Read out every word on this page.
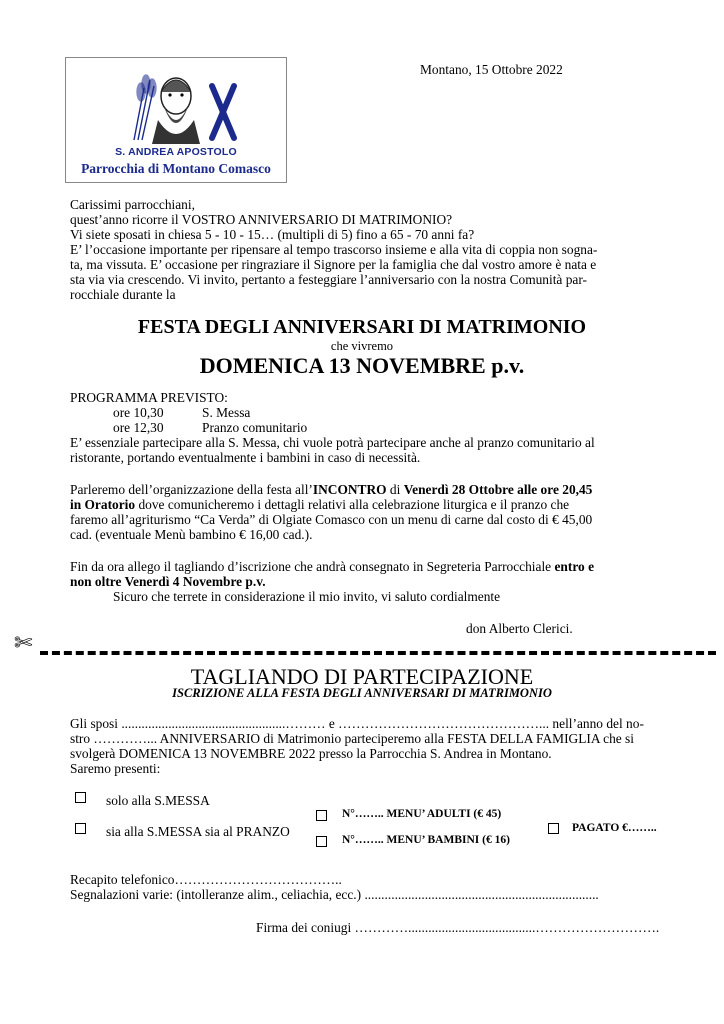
S. ANDREA APOSTOLO
Parrocchia di Montano Comasco
Montano, 15 Ottobre 2022
Carissimi parrocchiani,
quest’anno ricorre il VOSTRO ANNIVERSARIO DI MATRIMONIO?
Vi siete sposati in chiesa 5 - 10 - 15… (multipli di 5) fino a 65 - 70 anni fa?
E’ l’occasione importante per ripensare al tempo trascorso insieme e alla vita di coppia non sogna-
ta, ma vissuta. E’ occasione per ringraziare il Signore per la famiglia che dal vostro amore è nata e
sta via via crescendo. Vi invito, pertanto a festeggiare l’anniversario con la nostra Comunità par-
rocchiale durante la
FESTA DEGLI ANNIVERSARI DI MATRIMONIO
che vivremo
DOMENICA 13 NOVEMBRE p.v.
PROGRAMMA PREVISTO:
ore 10,30	S. Messa
ore 12,30	Pranzo comunitario
E’ essenziale partecipare alla S. Messa, chi vuole potrà partecipare anche al pranzo comunitario al
ristorante, portando eventualmente i bambini in caso di necessità.
Parleremo dell’organizzazione della festa all’INCONTRO di Venerdì 28 Ottobre alle ore 20,45
in Oratorio dove comunicheremo i dettagli relativi alla celebrazione liturgica e il pranzo che
faremo all’agriturismo “Ca Verda” di Olgiate Comasco con un menu di carne dal costo di € 45,00
cad. (eventuale Menù bambino € 16,00 cad.).
Fin da ora allego il tagliando d’iscrizione che andrà consegnato in Segreteria Parrocchiale entro e
non oltre Venerdì 4 Novembre p.v.
Sicuro che terrete in considerazione il mio invito, vi saluto cordialmente
don Alberto Clerici.
✄
TAGLIANDO DI PARTECIPAZIONE
ISCRIZIONE ALLA FESTA DEGLI ANNIVERSARI DI MATRIMONIO
Gli sposi .................................................……… e ………………………………………... nell’anno del no-
stro …………... ANNIVERSARIO di Matrimonio parteciperemo alla FESTA DELLA FAMIGLIA che si
svolgerà DOMENICA 13 NOVEMBRE 2022 presso la Parrocchia S. Andrea in Montano.
Saremo presenti:
solo alla S.MESSA
sia alla S.MESSA sia al PRANZO
N°…….. MENU’ ADULTI (€ 45)
N°…….. MENU’ BAMBINI (€ 16)
PAGATO €……..
Recapito telefonico………………………………..
Segnalazioni varie: (intolleranze alim., celiachia, ecc.) ......................................................................
Firma dei coniugi …………......................................……………………….
